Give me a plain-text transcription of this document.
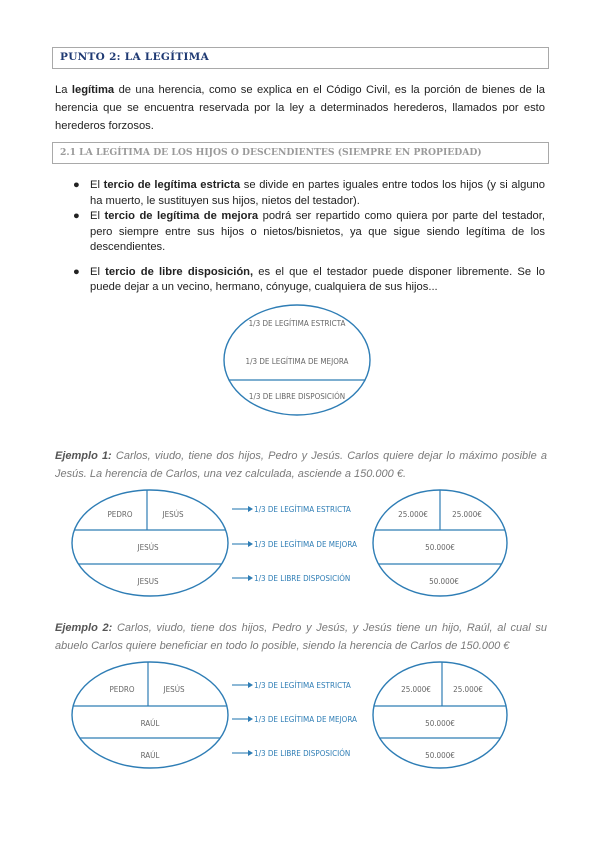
PUNTO 2: LA LEGÍTIMA
La legítima de una herencia, como se explica en el Código Civil, es la porción de bienes de la herencia que se encuentra reservada por la ley a determinados herederos, llamados por esto herederos forzosos.
2.1 LA LEGÍTIMA DE LOS HIJOS O DESCENDIENTES (SIEMPRE EN PROPIEDAD)
● El tercio de legítima estricta se divide en partes iguales entre todos los hijos (y si alguno ha muerto, le sustituyen sus hijos, nietos del testador).
● El tercio de legítima de mejora podrá ser repartido como quiera por parte del testador, pero siempre entre sus hijos o nietos/bisnietos, ya que sigue siendo legítima de los descendientes.
● El tercio de libre disposición, es el que el testador puede disponer libremente. Se lo puede dejar a un vecino, hermano, cónyuge, cualquiera de sus hijos...
1/3 DE LEGÍTIMA ESTRICTA
1/3 DE LEGÍTIMA DE MEJORA
1/3 DE LIBRE DISPOSICIÓN
Ejemplo 1: Carlos, viudo, tiene dos hijos, Pedro y Jesús. Carlos quiere dejar lo máximo posible a Jesús. La herencia de Carlos, una vez calculada, asciende a 150.000 €.
PEDRO	JESÚS
JESÚS
JESUS
1/3 DE LEGÍTIMA ESTRICTA
1/3 DE LEGÍTIMA DE MEJORA
1/3 DE LIBRE DISPOSICIÓN
25.000€	25.000€
50.000€
50.000€
Ejemplo 2: Carlos, viudo, tiene dos hijos, Pedro y Jesús, y Jesús tiene un hijo, Raúl, al cual su abuelo Carlos quiere beneficiar en todo lo posible, siendo la herencia de Carlos de 150.000 €
PEDRO	JESÚS
RAÚL
RAÚL
1/3 DE LEGÍTIMA ESTRICTA
1/3 DE LEGÍTIMA DE MEJORA
1/3 DE LIBRE DISPOSICIÓN
25.000€	25.000€
50.000€
50.000€
